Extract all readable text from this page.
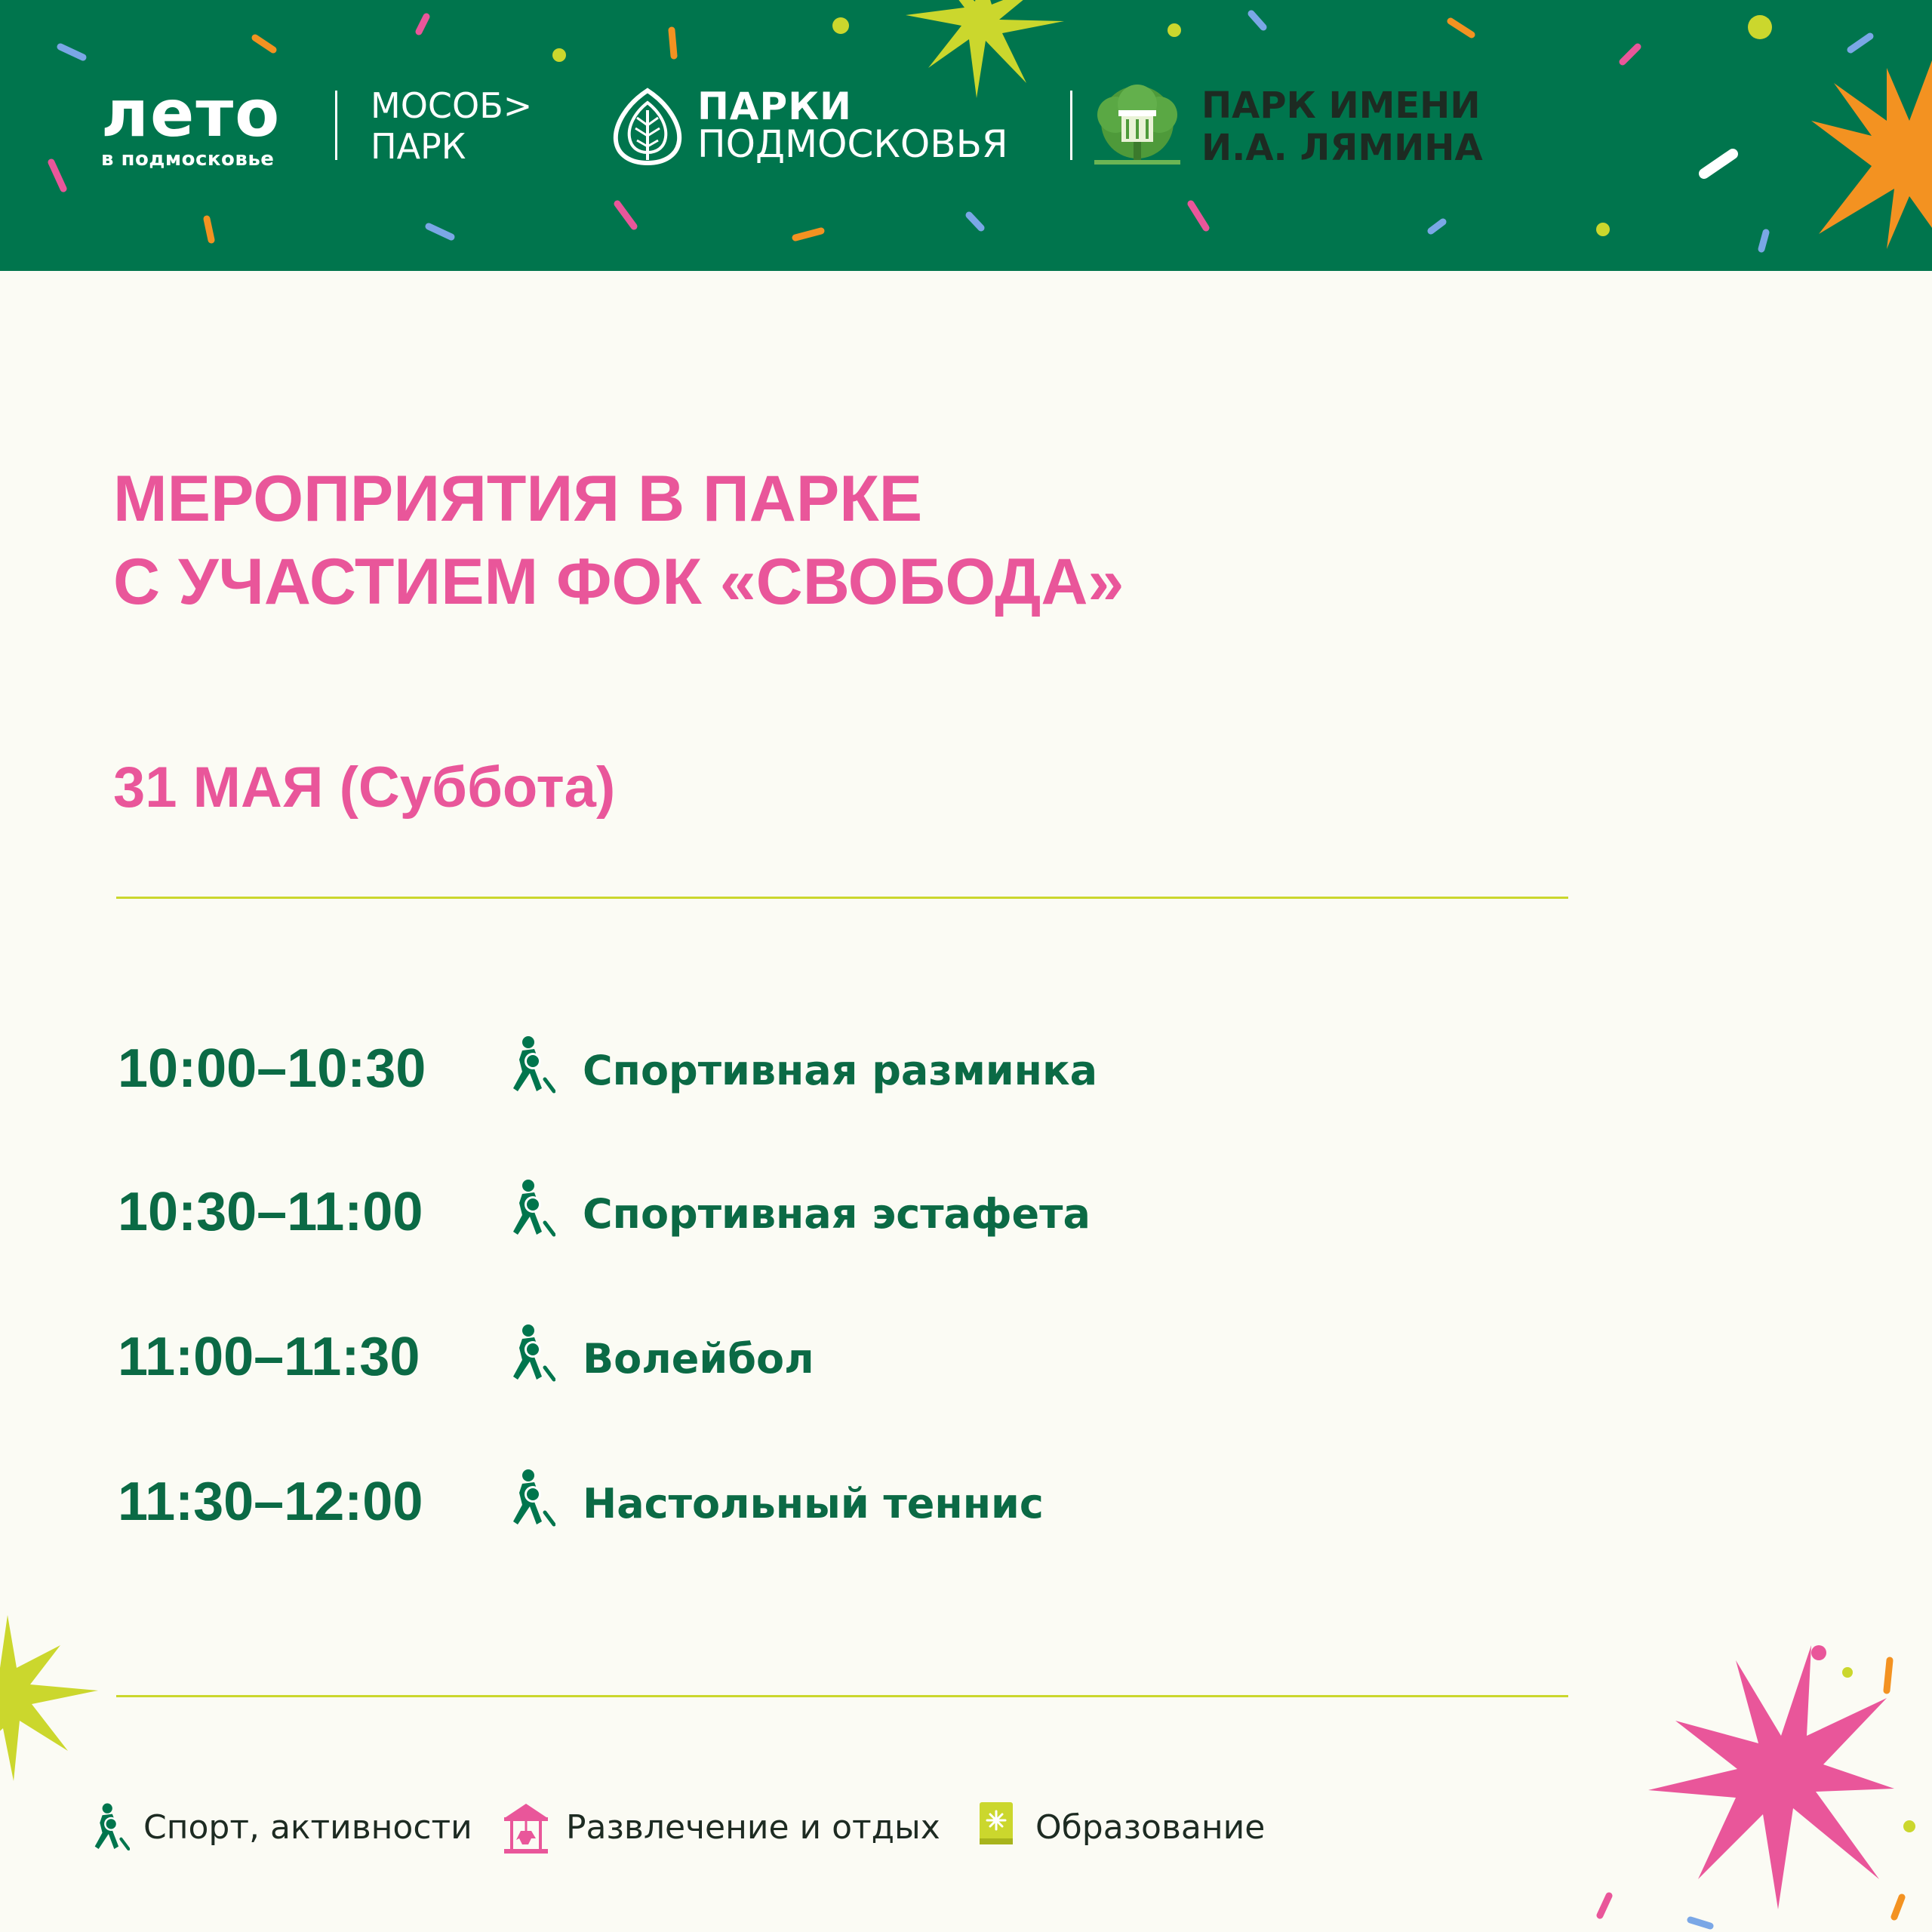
лето
в подмосковье
МОСОБ>
ПАРК
ПАРКИ
ПОДМОСКОВЬЯ
ПАРК ИМЕНИ
И.А. ЛЯМИНА
МЕРОПРИЯТИЯ В ПАРКЕ
С УЧАСТИЕМ ФОК «СВОБОДА»
31 МАЯ (Суббота)
10:00–10:30	Спортивная разминка
10:30–11:00	Спортивная эстафета
11:00–11:30	Волейбол
11:30–12:00	Настольный теннис
Спорт, активности	Развлечение и отдых	Образование
